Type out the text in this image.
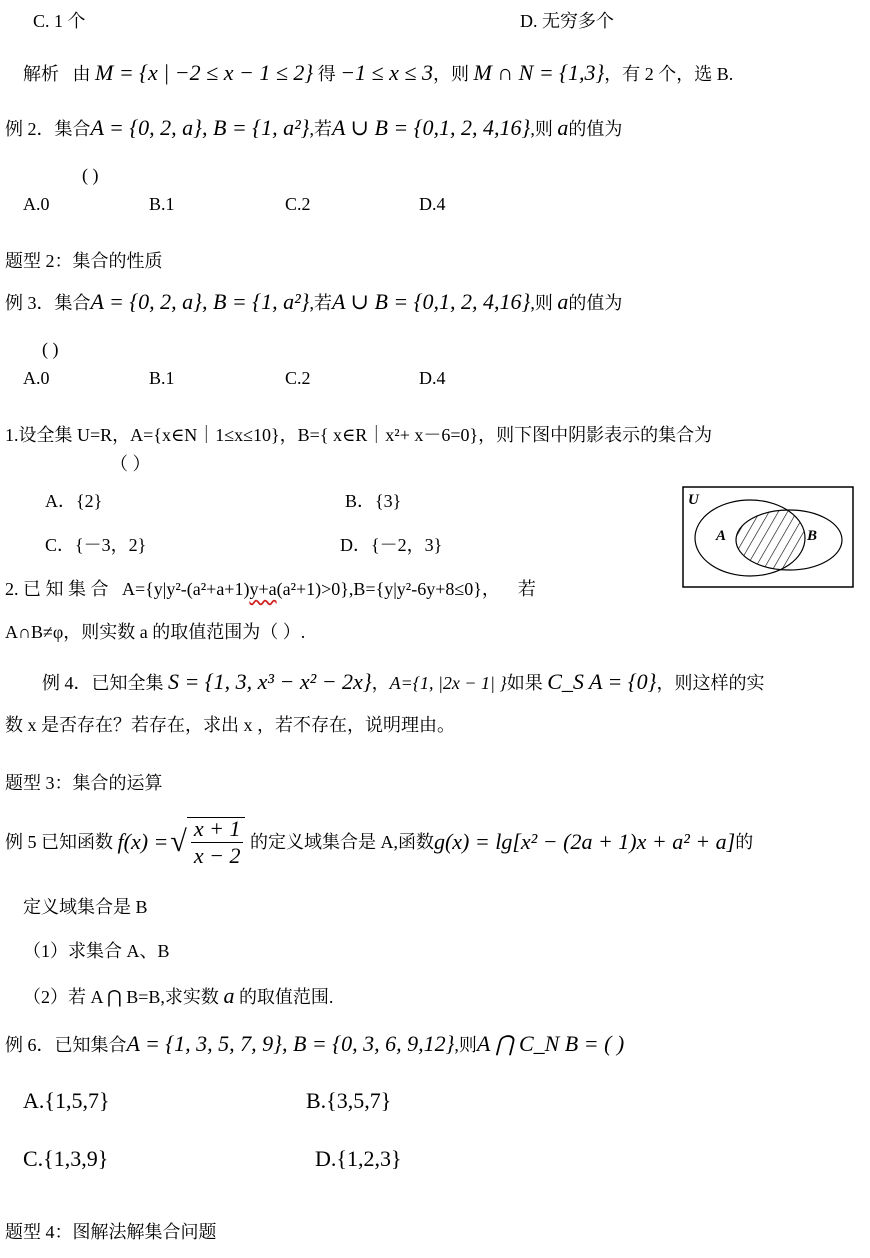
C. 1 个	D. 无穷多个
解析 由 M = {x | −2 ≤ x − 1 ≤ 2} 得 −1 ≤ x ≤ 3，则 M ∩ N = {1,3}，有 2 个，选 B.
例 2．集合A = {0, 2, a}, B = {1, a²},若A ∪ B = {0,1, 2, 4,16},则 a的值为
( )
A.0	B.1	C.2	D.4
题型 2：集合的性质
例 3．集合A = {0, 2, a}, B = {1, a²},若A ∪ B = {0,1, 2, 4,16},则 a的值为
( )
A.0	B.1	C.2	D.4
1.设全集 U=R，A={x∈N｜1≤x≤10}，B={ x∈R｜x²+ x－6=0}，则下图中阴影表示的集合为
（ ）
A．{2}	B．{3}
C．{－3，2}	D．{－2，3}
U
A	B
2. 已 知 集 合 A={y|y²-(a²+a+1)y+a(a²+1)>0},B={y|y²-6y+8≤0}， 若
A∩B≠φ，则实数 a 的取值范围为（ ）.
例 4．已知全集 S = {1, 3, x³ − x² − 2x}，A={1, |2x − 1| }如果 C_S A = {0}，则这样的实
数 x 是否存在？若存在，求出 x ，若不存在，说明理由。
题型 3：集合的运算
例 5 已知函数
f(x) = √ $\frac{x + 1}{x - 2}$
的定义域集合是 A,函数 g(x) = lg[x² − (2a + 1)x + a² + a] 的
定义域集合是 B
（1）求集合 A、B
（2）若 A ⋂ B=B,求实数 a 的取值范围.
例 6．已知集合A = {1, 3, 5, 7, 9}, B = {0, 3, 6, 9,12},则A ⋂ C_N B = ( )
A.{1,5,7}	B.{3,5,7}
C.{1,3,9}	D.{1,2,3}
题型 4：图解法解集合问题
